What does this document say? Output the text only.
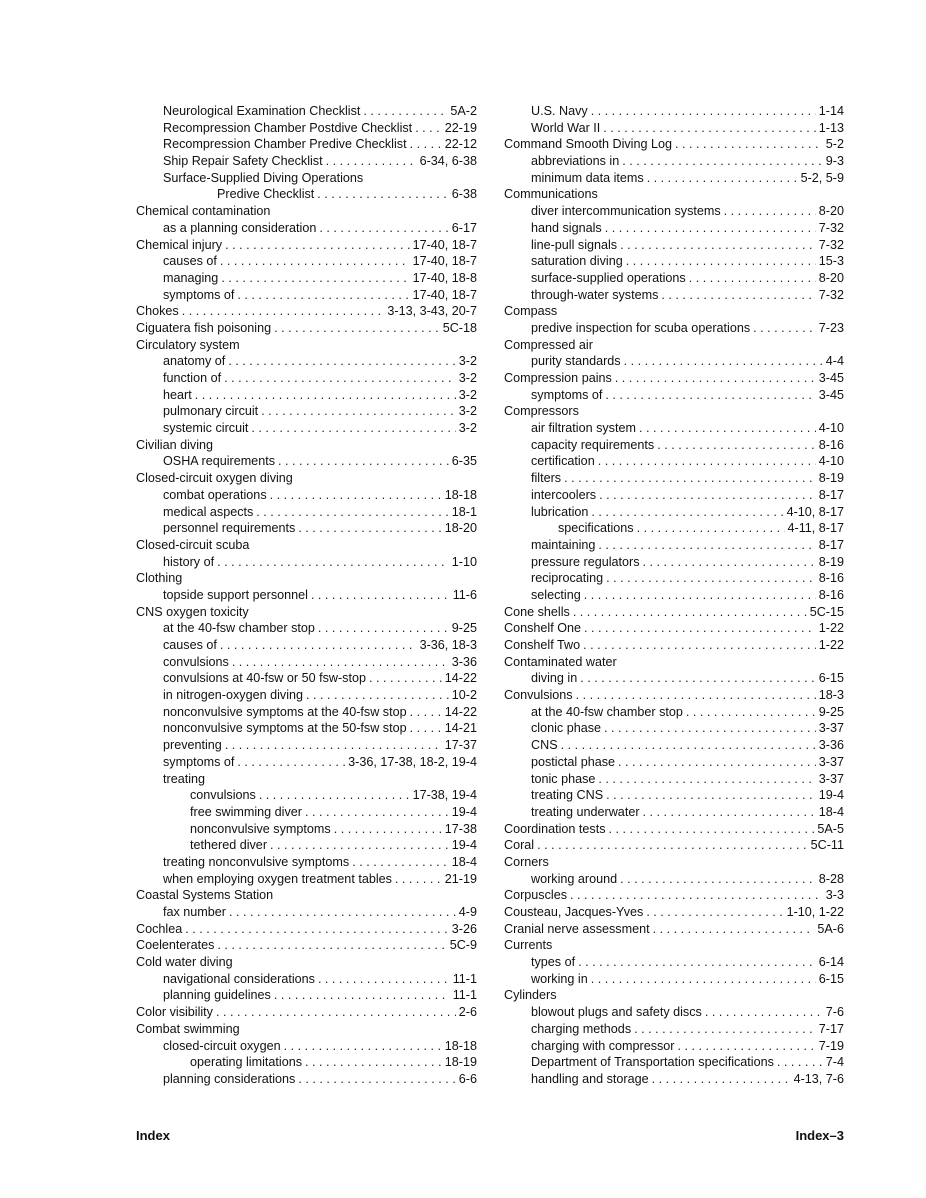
Neurological Examination Checklist . . .	5A-2
Recompression Chamber Postdive Checklist . . .	22-19
Recompression Chamber Predive Checklist . . .	22-12
Ship Repair Safety Checklist . . .	6-34, 6-38
Surface-Supplied Diving Operations
Predive Checklist . . .	6-38
Chemical contamination
as a planning consideration . . .	6-17
Chemical injury . . .	17-40, 18-7
causes of . . .	17-40, 18-7
managing . . .	17-40, 18-8
symptoms of . . .	17-40, 18-7
Chokes . . .	3-13, 3-43, 20-7
Ciguatera fish poisoning . . .	5C-18
Circulatory system
anatomy of . . .	3-2
function of . . .	3-2
heart . . .	3-2
pulmonary circuit . . .	3-2
systemic circuit . . .	3-2
Civilian diving
OSHA requirements . . .	6-35
Closed-circuit oxygen diving
combat operations . . .	18-18
medical aspects . . .	18-1
personnel requirements . . .	18-20
Closed-circuit scuba
history of . . .	1-10
Clothing
topside support personnel . . .	11-6
CNS oxygen toxicity
at the 40-fsw chamber stop . . .	9-25
causes of . . .	3-36, 18-3
convulsions . . .	3-36
convulsions at 40-fsw or 50 fsw-stop . . .	14-22
in nitrogen-oxygen diving . . .	10-2
nonconvulsive symptoms at the 40-fsw stop . . .	14-22
nonconvulsive symptoms at the 50-fsw stop . . .	14-21
preventing . . .	17-37
symptoms of . . .	3-36, 17-38, 18-2, 19-4
treating
convulsions . . .	17-38, 19-4
free swimming diver . . .	19-4
nonconvulsive symptoms . . .	17-38
tethered diver . . .	19-4
treating nonconvulsive symptoms . . .	18-4
when employing oxygen treatment tables . . .	21-19
Coastal Systems Station
fax number . . .	4-9
Cochlea . . .	3-26
Coelenterates . . .	5C-9
Cold water diving
navigational considerations . . .	11-1
planning guidelines . . .	11-1
Color visibility . . .	2-6
Combat swimming
closed-circuit oxygen . . .	18-18
operating limitations . . .	18-19
planning considerations . . .	6-6
U.S. Navy . . .	1-14
World War II . . .	1-13
Command Smooth Diving Log . . .	5-2
abbreviations in . . .	9-3
minimum data items . . .	5-2, 5-9
Communications
diver intercommunication systems . . .	8-20
hand signals . . .	7-32
line-pull signals . . .	7-32
saturation diving . . .	15-3
surface-supplied operations . . .	8-20
through-water systems . . .	7-32
Compass
predive inspection for scuba operations . . .	7-23
Compressed air
purity standards . . .	4-4
Compression pains . . .	3-45
symptoms of . . .	3-45
Compressors
air filtration system . . .	4-10
capacity requirements . . .	8-16
certification . . .	4-10
filters . . .	8-19
intercoolers . . .	8-17
lubrication . . .	4-10, 8-17
specifications . . .	4-11, 8-17
maintaining . . .	8-17
pressure regulators . . .	8-19
reciprocating . . .	8-16
selecting . . .	8-16
Cone shells . . .	5C-15
Conshelf One . . .	1-22
Conshelf Two . . .	1-22
Contaminated water
diving in . . .	6-15
Convulsions . . .	18-3
at the 40-fsw chamber stop . . .	9-25
clonic phase . . .	3-37
CNS . . .	3-36
postictal phase . . .	3-37
tonic phase . . .	3-37
treating CNS . . .	19-4
treating underwater . . .	18-4
Coordination tests . . .	5A-5
Coral . . .	5C-11
Corners
working around . . .	8-28
Corpuscles . . .	3-3
Cousteau, Jacques-Yves . . .	1-10, 1-22
Cranial nerve assessment . . .	5A-6
Currents
types of . . .	6-14
working in . . .	6-15
Cylinders
blowout plugs and safety discs . . .	7-6
charging methods . . .	7-17
charging with compressor . . .	7-19
Department of Transportation specifications . . .	7-4
handling and storage . . .	4-13, 7-6
Index	Index–3
